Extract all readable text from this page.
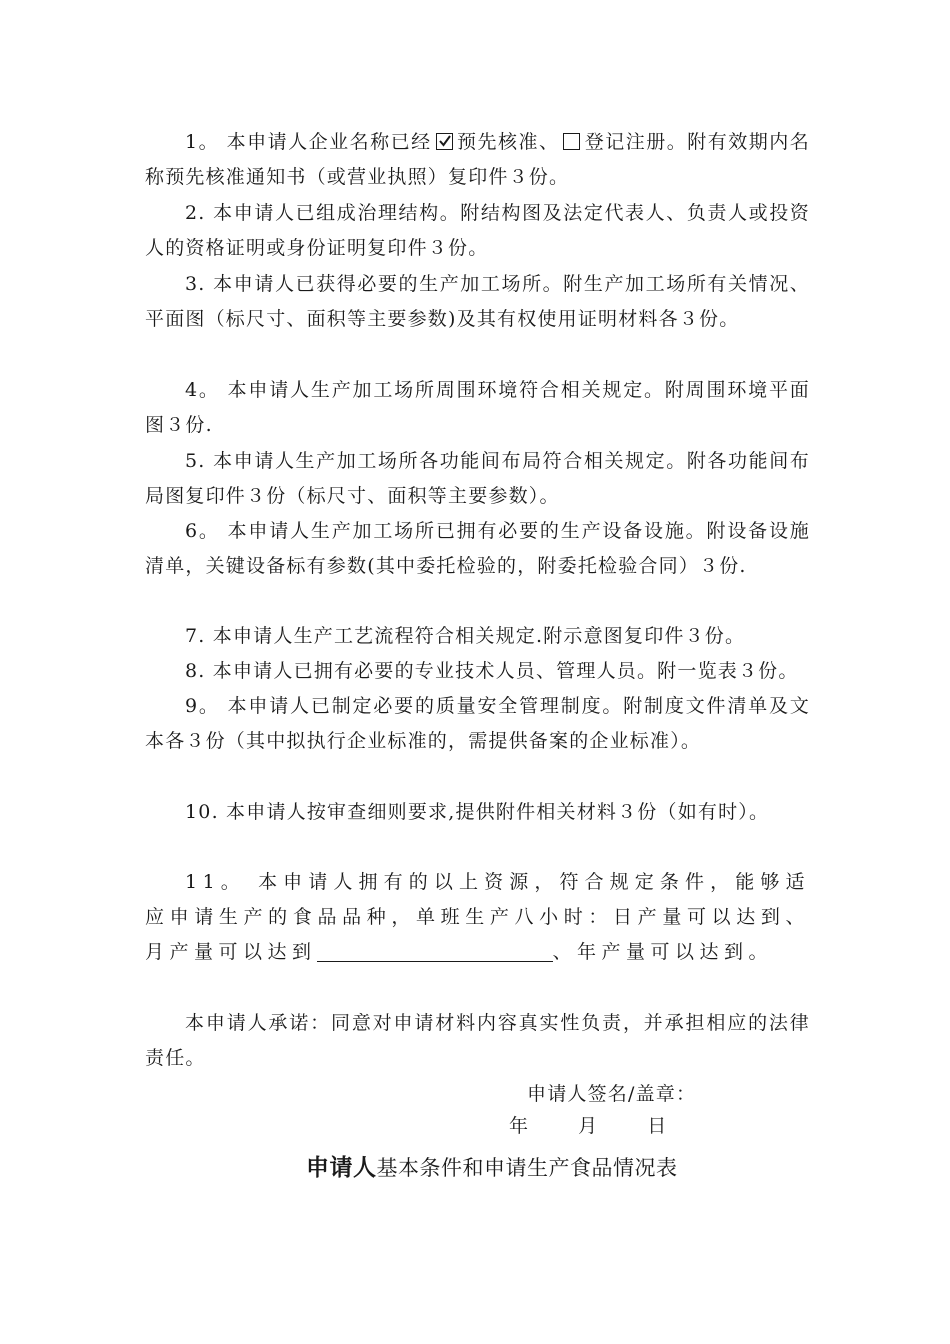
1。 本申请人企业名称已经 预先核准、 登记注册。附有效期内名称预先核准通知书（或营业执照）复印件３份。

2. 本申请人已组成治理结构。附结构图及法定代表人、负责人或投资人的资格证明或身份证明复印件３份。

3. 本申请人已获得必要的生产加工场所。附生产加工场所有关情况、平面图（标尺寸、面积等主要参数)及其有权使用证明材料各３份。

4。 本申请人生产加工场所周围环境符合相关规定。附周围环境平面图３份.

5. 本申请人生产加工场所各功能间布局符合相关规定。附各功能间布局图复印件３份（标尺寸、面积等主要参数）。

6。 本申请人生产加工场所已拥有必要的生产设备设施。附设备设施清单，关键设备标有参数(其中委托检验的，附委托检验合同）３份.

7. 本申请人生产工艺流程符合相关规定.附示意图复印件３份。

8. 本申请人已拥有必要的专业技术人员、管理人员。附一览表３份。

9。 本申请人已制定必要的质量安全管理制度。附制度文件清单及文本各３份（其中拟执行企业标准的，需提供备案的企业标准）。

10. 本申请人按审查细则要求,提供附件相关材料３份（如有时）。

11。 本申请人拥有的以上资源，符合规定条件，能够适应申请生产的食品品种，单班生产八小时：日产量可以达到、月产量可以达到	、年产量可以达到。

本申请人承诺：同意对申请材料内容真实性负责，并承担相应的法律责任。

申请人签名/盖章：
年	月	日
申请人基本条件和申请生产食品情况表
